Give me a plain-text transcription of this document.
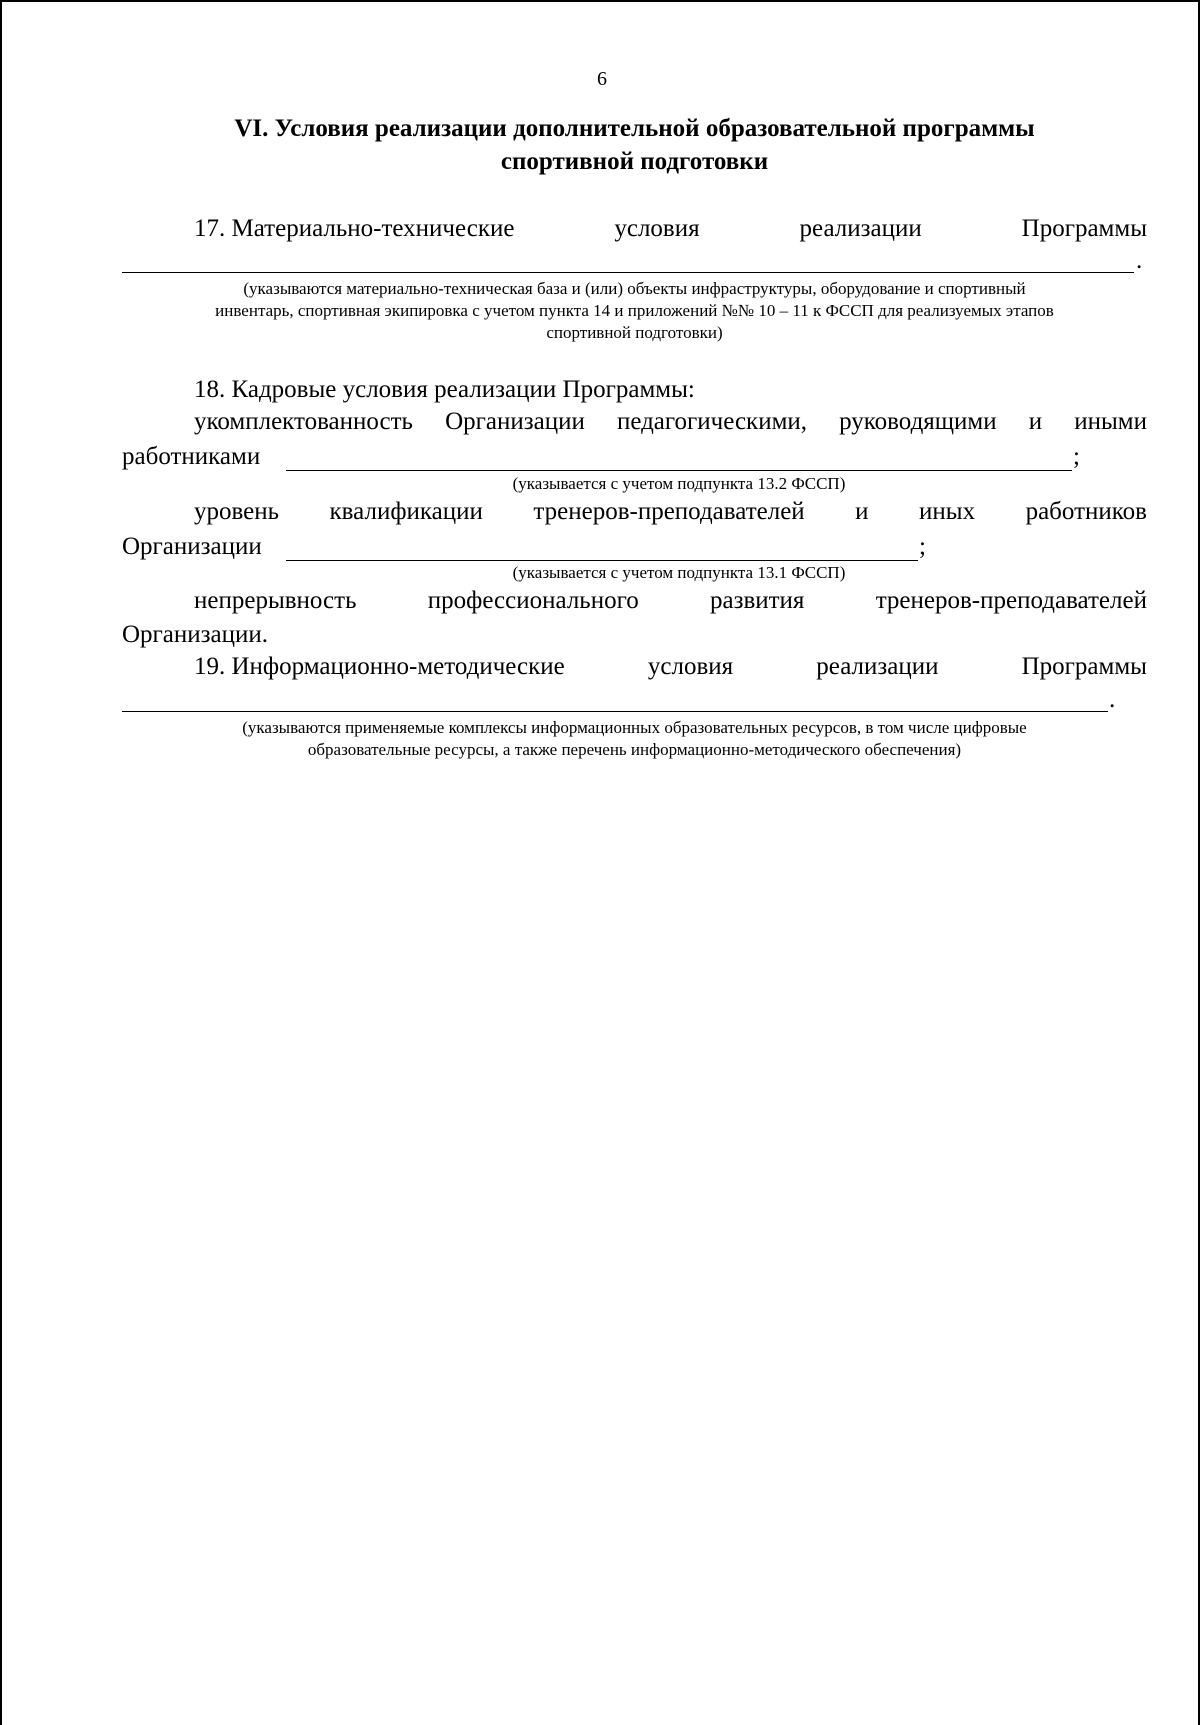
6
VI. Условия реализации дополнительной образовательной программы
спортивной подготовки
17. Материально-технические	условия	реализации	Программы
.
(указываются материально-техническая база и (или) объекты инфраструктуры, оборудование и спортивный
инвентарь, спортивная экипировка с учетом пункта 14 и приложений №№ 10 – 11 к ФССП для реализуемых этапов
спортивной подготовки)
18. Кадровые условия реализации Программы:
укомплектованность Организации педагогическими, руководящими и иными
работниками	;
(указывается с учетом подпункта 13.2 ФССП)
уровень квалификации тренеров-преподавателей и иных работников
Организации	;
(указывается с учетом подпункта 13.1 ФССП)
непрерывность	профессионального	развития	тренеров-преподавателей
Организации.
19. Информационно-методические	условия	реализации	Программы
.
(указываются применяемые комплексы информационных образовательных ресурсов, в том числе цифровые
образовательные ресурсы, а также перечень информационно-методического обеспечения)
